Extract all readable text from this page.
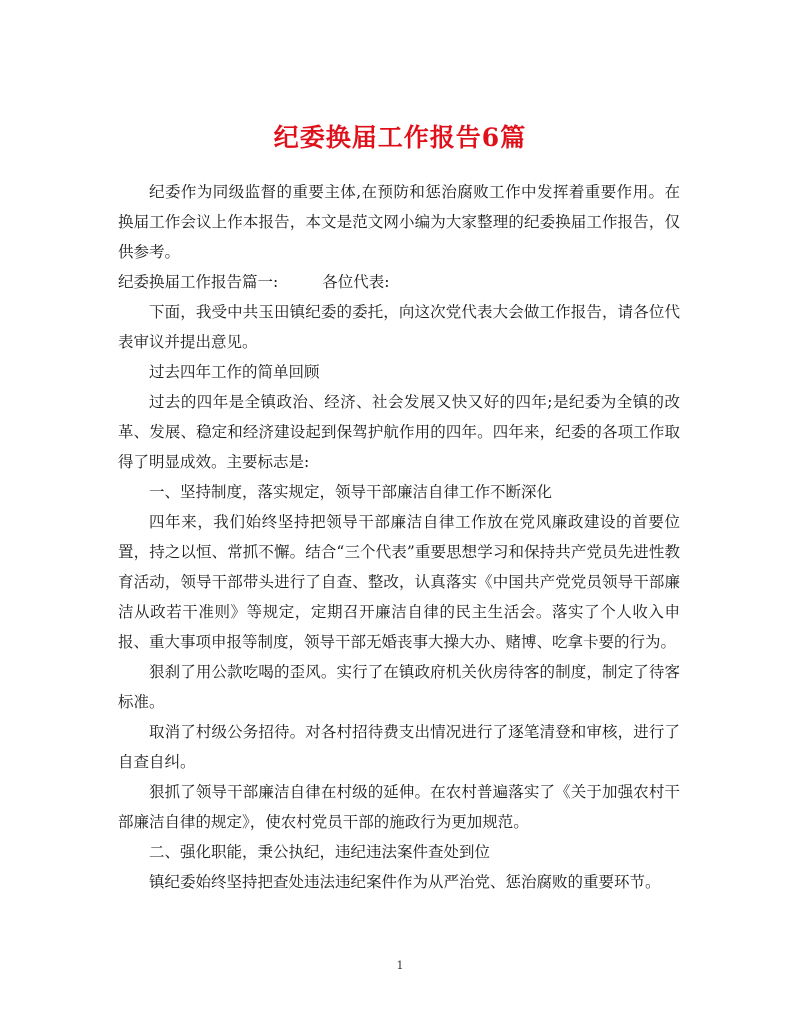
纪委换届工作报告6篇

纪委作为同级监督的重要主体,在预防和惩治腐败工作中发挥着重要作用。在换届工作会议上作本报告，本文是范文网小编为大家整理的纪委换届工作报告，仅供参考。

纪委换届工作报告篇一:	各位代表:

下面，我受中共玉田镇纪委的委托，向这次党代表大会做工作报告，请各位代表审议并提出意见。

过去四年工作的简单回顾

过去的四年是全镇政治、经济、社会发展又快又好的四年;是纪委为全镇的改革、发展、稳定和经济建设起到保驾护航作用的四年。四年来，纪委的各项工作取得了明显成效。主要标志是:

一、坚持制度，落实规定，领导干部廉洁自律工作不断深化

四年来，我们始终坚持把领导干部廉洁自律工作放在党风廉政建设的首要位置，持之以恒、常抓不懈。结合“三个代表”重要思想学习和保持共产党员先进性教育活动，领导干部带头进行了自查、整改，认真落实《中国共产党党员领导干部廉洁从政若干准则》等规定，定期召开廉洁自律的民主生活会。落实了个人收入申报、重大事项申报等制度，领导干部无婚丧事大操大办、赌博、吃拿卡要的行为。

狠刹了用公款吃喝的歪风。实行了在镇政府机关伙房待客的制度，制定了待客标准。

取消了村级公务招待。对各村招待费支出情况进行了逐笔清登和审核，进行了自查自纠。

狠抓了领导干部廉洁自律在村级的延伸。在农村普遍落实了《关于加强农村干部廉洁自律的规定》，使农村党员干部的施政行为更加规范。

二、强化职能，秉公执纪，违纪违法案件查处到位

镇纪委始终坚持把查处违法违纪案件作为从严治党、惩治腐败的重要环节。

1
